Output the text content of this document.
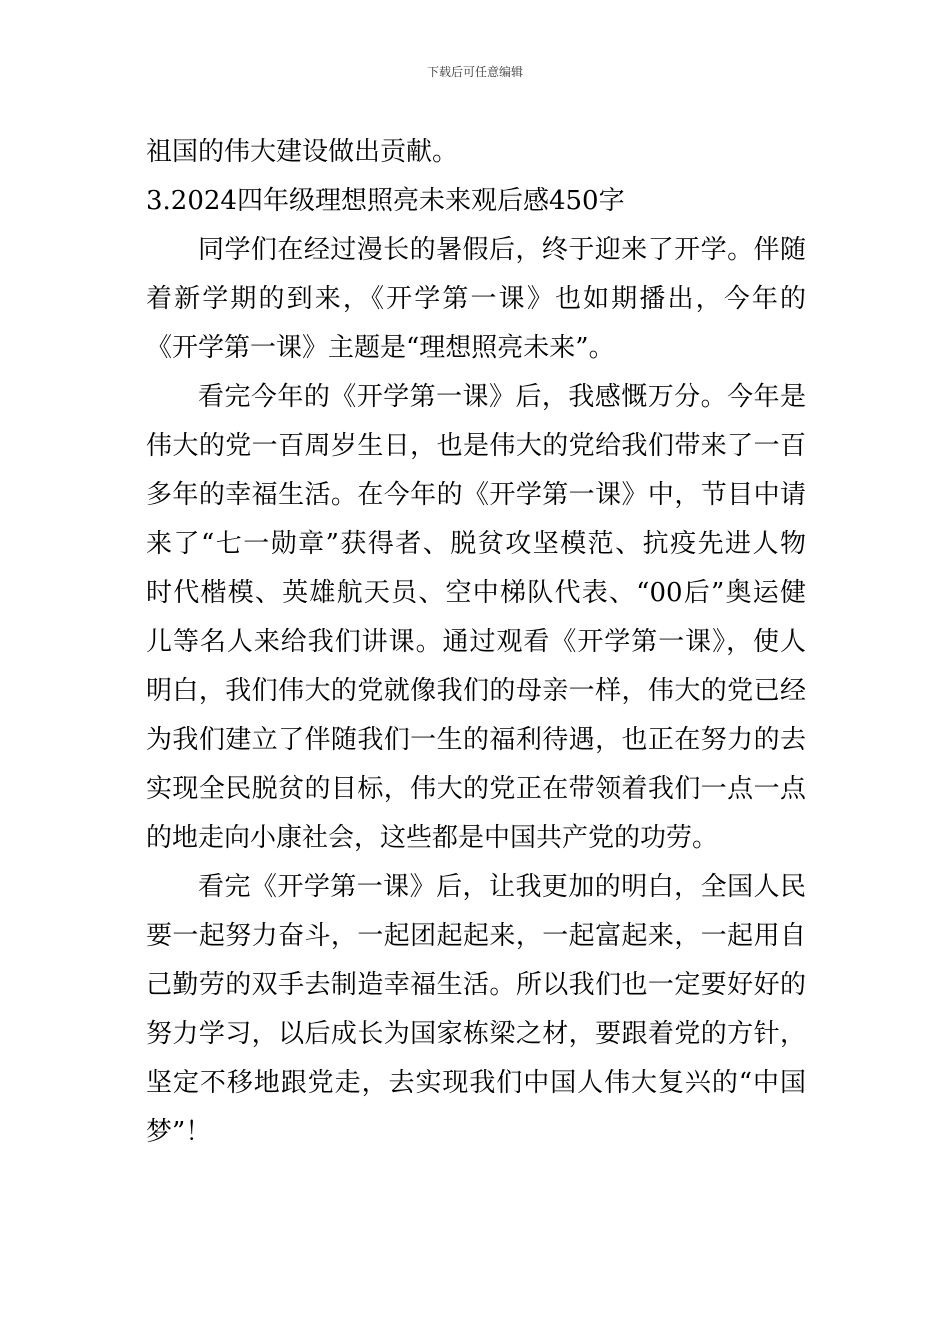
下载后可任意编辑
祖国的伟大建设做出贡献。
3.2024四年级理想照亮未来观后感450字
同学们在经过漫长的暑假后，终于迎来了开学。伴随
着新学期的到来，《开学第一课》也如期播出，今年的
《开学第一课》主题是“理想照亮未来”。
看完今年的《开学第一课》后，我感慨万分。今年是
伟大的党一百周岁生日，也是伟大的党给我们带来了一百
多年的幸福生活。在今年的《开学第一课》中，节目中请
来了“七一勋章”获得者、脱贫攻坚模范、抗疫先进人物
时代楷模、英雄航天员、空中梯队代表、“00后”奥运健
儿等名人来给我们讲课。通过观看《开学第一课》，使人
明白，我们伟大的党就像我们的母亲一样，伟大的党已经
为我们建立了伴随我们一生的福利待遇，也正在努力的去
实现全民脱贫的目标，伟大的党正在带领着我们一点一点
的地走向小康社会，这些都是中国共产党的功劳。
看完《开学第一课》后，让我更加的明白，全国人民
要一起努力奋斗，一起团起起来，一起富起来，一起用自
己勤劳的双手去制造幸福生活。所以我们也一定要好好的
努力学习，以后成长为国家栋梁之材，要跟着党的方针，
坚定不移地跟党走，去实现我们中国人伟大复兴的“中国
梦”！
